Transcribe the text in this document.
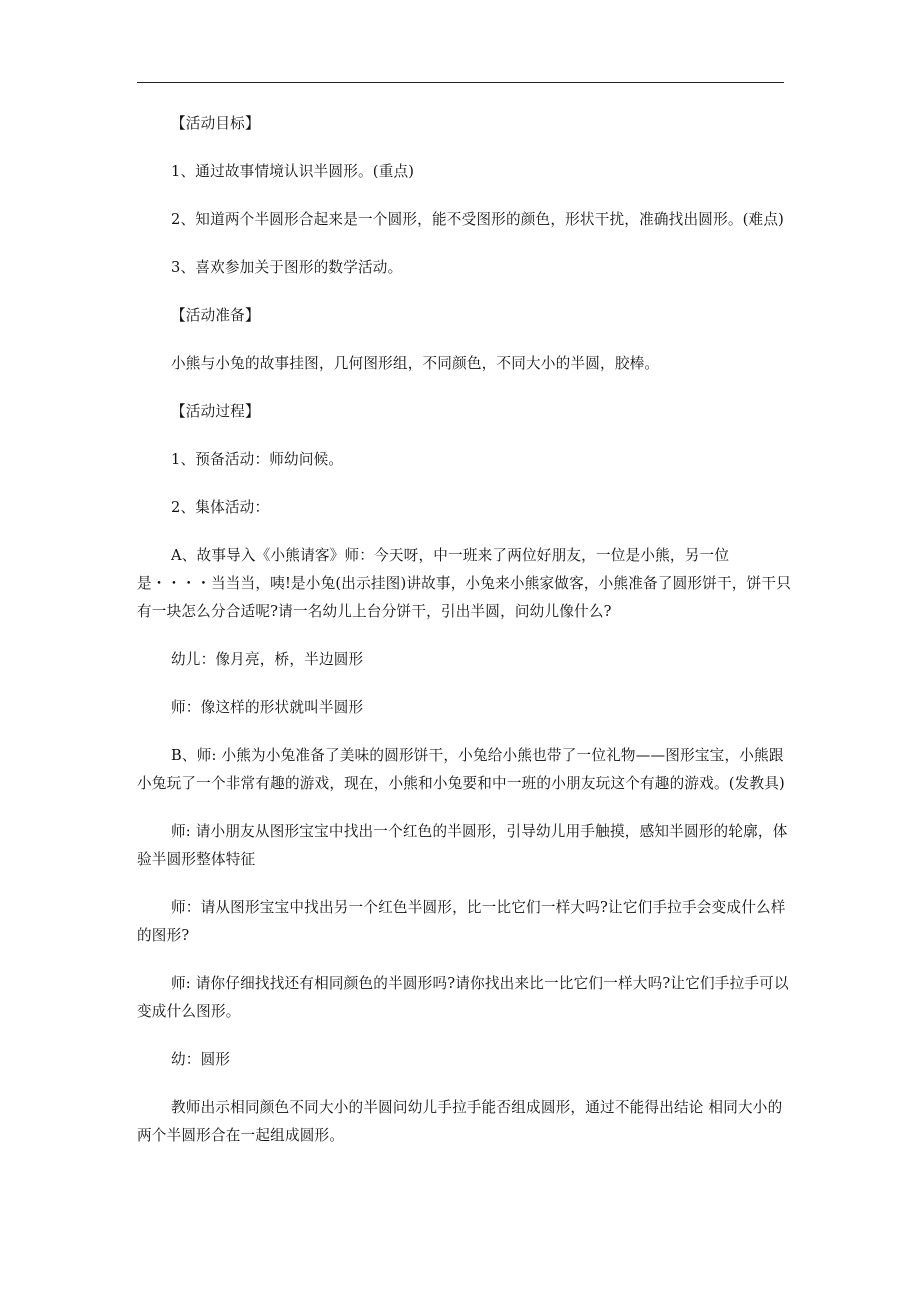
【活动目标】

1、通过故事情境认识半圆形。(重点)

2、知道两个半圆形合起来是一个圆形，能不受图形的颜色，形状干扰，准确找出圆形。(难点)

3、喜欢参加关于图形的数学活动。

【活动准备】

小熊与小兔的故事挂图，几何图形组，不同颜色，不同大小的半圆，胶棒。

【活动过程】

1、预备活动：师幼问候。

2、集体活动：

A、故事导入《小熊请客》师：今天呀，中一班来了两位好朋友，一位是小熊，另一位是・・・・当当当，咦!是小兔(出示挂图)讲故事，小兔来小熊家做客，小熊准备了圆形饼干，饼干只有一块怎么分合适呢?请一名幼儿上台分饼干，引出半圆，问幼儿像什么?

幼儿：像月亮，桥，半边圆形

师：像这样的形状就叫半圆形

B、师: 小熊为小兔准备了美味的圆形饼干，小兔给小熊也带了一位礼物——图形宝宝，小熊跟小兔玩了一个非常有趣的游戏，现在，小熊和小兔要和中一班的小朋友玩这个有趣的游戏。(发教具)

师: 请小朋友从图形宝宝中找出一个红色的半圆形，引导幼儿用手触摸，感知半圆形的轮廓，体验半圆形整体特征

师：请从图形宝宝中找出另一个红色半圆形，比一比它们一样大吗?让它们手拉手会变成什么样的图形?

师: 请你仔细找找还有相同颜色的半圆形吗?请你找出来比一比它们一样大吗?让它们手拉手可以变成什么图形。

幼：圆形

教师出示相同颜色不同大小的半圆问幼儿手拉手能否组成圆形，通过不能得出结论 相同大小的两个半圆形合在一起组成圆形。
